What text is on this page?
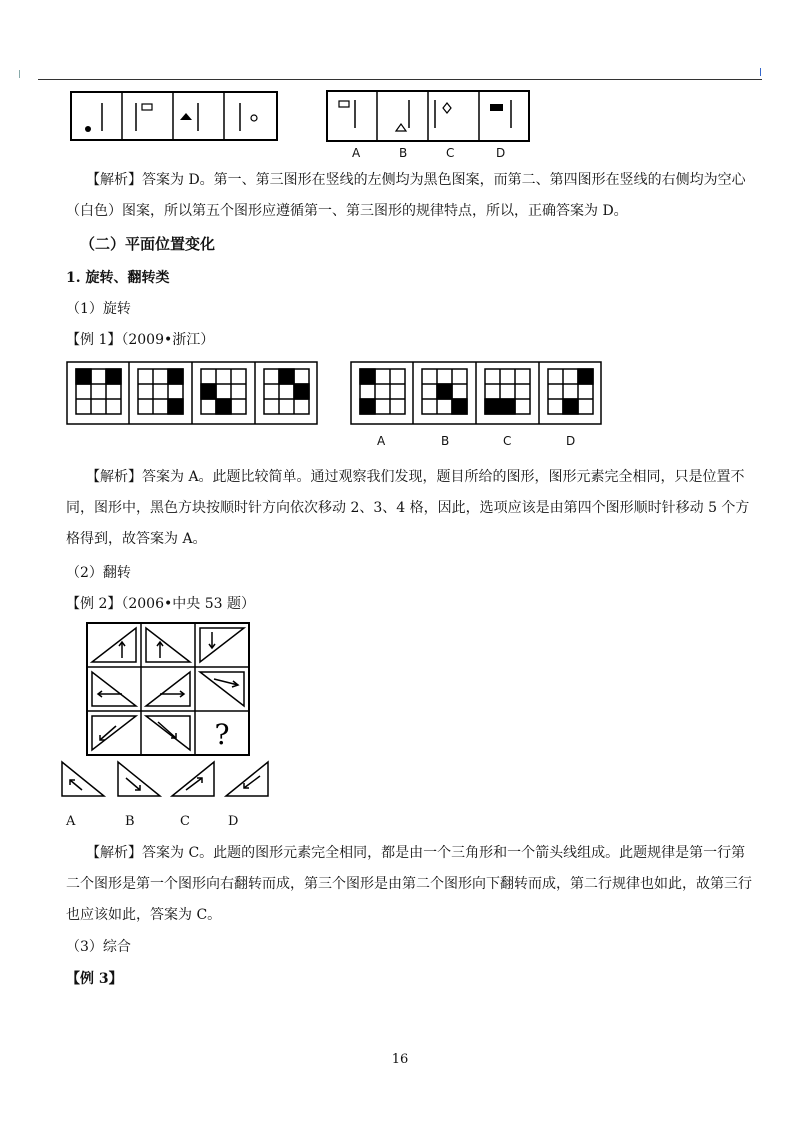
A	B	C	D
【解析】答案为 D。第一、第三图形在竖线的左侧均为黑色图案，而第二、第四图形在竖线的右侧均为空心（白色）图案，所以第五个图形应遵循第一、第三图形的规律特点，所以，正确答案为 D。
（二）平面位置变化
1. 旋转、翻转类
（1）旋转
【例 1】（2009•浙江）
A	B	C	D
【解析】答案为 A。此题比较简单。通过观察我们发现，题目所给的图形，图形元素完全相同，只是位置不同，图形中，黑色方块按顺时针方向依次移动 2、3、4 格，因此，选项应该是由第四个图形顺时针移动 5 个方格得到，故答案为 A。
（2）翻转
【例 2】（2006•中央 53 题）
?
A	B	C	D
【解析】答案为 C。此题的图形元素完全相同，都是由一个三角形和一个箭头线组成。此题规律是第一行第二个图形是第一个图形向右翻转而成，第三个图形是由第二个图形向下翻转而成，第二行规律也如此，故第三行也应该如此，答案为 C。
（3）综合
【例 3】
16
